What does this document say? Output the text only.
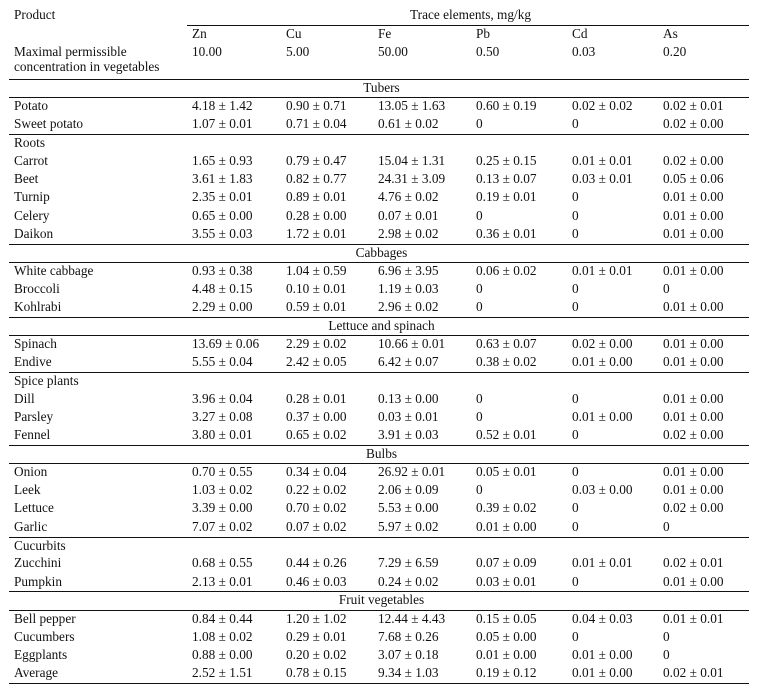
Product	Trace elements, mg/kg					
	Zn	Cu	Fe	Pb	Cd	As
Maximal permissible concentration in vegetables	10.00	5.00	50.00	0.50	0.03	0.20
Tubers						
Potato	4.18 ± 1.42	0.90 ± 0.71	13.05 ± 1.63	0.60 ± 0.19	0.02 ± 0.02	0.02 ± 0.01
Sweet potato	1.07 ± 0.01	0.71 ± 0.04	0.61 ± 0.02	0	0	0.02 ± 0.00
Roots						
Carrot	1.65 ± 0.93	0.79 ± 0.47	15.04 ± 1.31	0.25 ± 0.15	0.01 ± 0.01	0.02 ± 0.00
Beet	3.61 ± 1.83	0.82 ± 0.77	24.31 ± 3.09	0.13 ± 0.07	0.03 ± 0.01	0.05 ± 0.06
Turnip	2.35 ± 0.01	0.89 ± 0.01	4.76 ± 0.02	0.19 ± 0.01	0	0.01 ± 0.00
Celery	0.65 ± 0.00	0.28 ± 0.00	0.07 ± 0.01	0	0	0.01 ± 0.00
Daikon	3.55 ± 0.03	1.72 ± 0.01	2.98 ± 0.02	0.36 ± 0.01	0	0.01 ± 0.00
Cabbages						
White cabbage	0.93 ± 0.38	1.04 ± 0.59	6.96 ± 3.95	0.06 ± 0.02	0.01 ± 0.01	0.01 ± 0.00
Broccoli	4.48 ± 0.15	0.10 ± 0.01	1.19 ± 0.03	0	0	0
Kohlrabi	2.29 ± 0.00	0.59 ± 0.01	2.96 ± 0.02	0	0	0.01 ± 0.00
Lettuce and spinach						
Spinach	13.69 ± 0.06	2.29 ± 0.02	10.66 ± 0.01	0.63 ± 0.07	0.02 ± 0.00	0.01 ± 0.00
Endive	5.55 ± 0.04	2.42 ± 0.05	6.42 ± 0.07	0.38 ± 0.02	0.01 ± 0.00	0.01 ± 0.00
Spice plants						
Dill	3.96 ± 0.04	0.28 ± 0.01	0.13 ± 0.00	0	0	0.01 ± 0.00
Parsley	3.27 ± 0.08	0.37 ± 0.00	0.03 ± 0.01	0	0.01 ± 0.00	0.01 ± 0.00
Fennel	3.80 ± 0.01	0.65 ± 0.02	3.91 ± 0.03	0.52 ± 0.01	0	0.02 ± 0.00
Bulbs						
Onion	0.70 ± 0.55	0.34 ± 0.04	26.92 ± 0.01	0.05 ± 0.01	0	0.01 ± 0.00
Leek	1.03 ± 0.02	0.22 ± 0.02	2.06 ± 0.09	0	0.03 ± 0.00	0.01 ± 0.00
Lettuce	3.39 ± 0.00	0.70 ± 0.02	5.53 ± 0.00	0.39 ± 0.02	0	0.02 ± 0.00
Garlic	7.07 ± 0.02	0.07 ± 0.02	5.97 ± 0.02	0.01 ± 0.00	0	0
Cucurbits						
Zucchini	0.68 ± 0.55	0.44 ± 0.26	7.29 ± 6.59	0.07 ± 0.09	0.01 ± 0.01	0.02 ± 0.01
Pumpkin	2.13 ± 0.01	0.46 ± 0.03	0.24 ± 0.02	0.03 ± 0.01	0	0.01 ± 0.00
Fruit vegetables						
Bell pepper	0.84 ± 0.44	1.20 ± 1.02	12.44 ± 4.43	0.15 ± 0.05	0.04 ± 0.03	0.01 ± 0.01
Cucumbers	1.08 ± 0.02	0.29 ± 0.01	7.68 ± 0.26	0.05 ± 0.00	0	0
Eggplants	0.88 ± 0.00	0.20 ± 0.02	3.07 ± 0.18	0.01 ± 0.00	0.01 ± 0.00	0
Average	2.52 ± 1.51	0.78 ± 0.15	9.34 ± 1.03	0.19 ± 0.12	0.01 ± 0.00	0.02 ± 0.01
